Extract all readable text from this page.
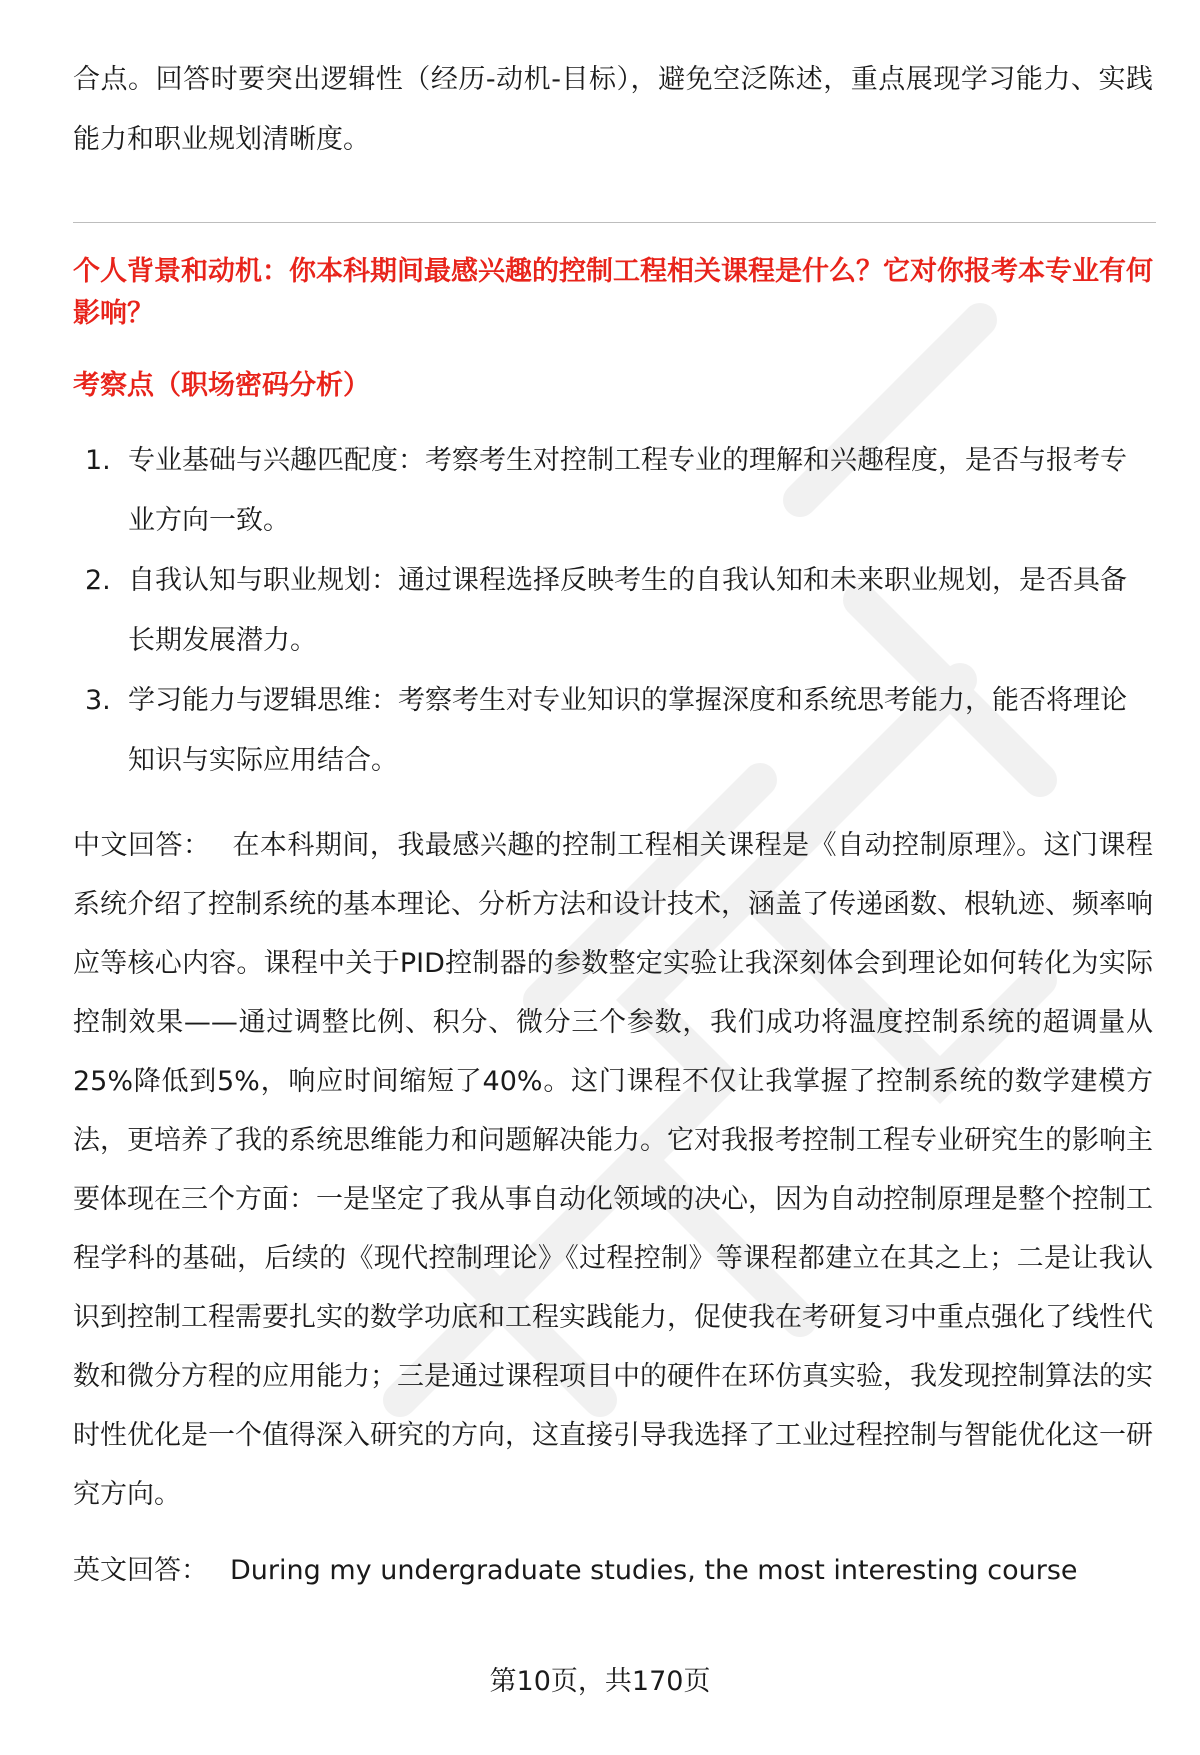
合点。回答时要突出逻辑性（经历-动机-目标），避免空泛陈述，重点展现学习能力、实践能力和职业规划清晰度。

个人背景和动机：你本科期间最感兴趣的控制工程相关课程是什么？它对你报考本专业有何影响？
考察点（职场密码分析）
1. 专业基础与兴趣匹配度：考察考生对控制工程专业的理解和兴趣程度，是否与报考专业方向一致。
2. 自我认知与职业规划：通过课程选择反映考生的自我认知和未来职业规划，是否具备长期发展潜力。
3. 学习能力与逻辑思维：考察考生对专业知识的掌握深度和系统思考能力，能否将理论知识与实际应用结合。

中文回答： 在本科期间，我最感兴趣的控制工程相关课程是《自动控制原理》。这门课程系统介绍了控制系统的基本理论、分析方法和设计技术，涵盖了传递函数、根轨迹、频率响应等核心内容。课程中关于PID控制器的参数整定实验让我深刻体会到理论如何转化为实际控制效果——通过调整比例、积分、微分三个参数，我们成功将温度控制系统的超调量从25%降低到5%，响应时间缩短了40%。这门课程不仅让我掌握了控制系统的数学建模方法，更培养了我的系统思维能力和问题解决能力。它对我报考控制工程专业研究生的影响主要体现在三个方面：一是坚定了我从事自动化领域的决心，因为自动控制原理是整个控制工程学科的基础，后续的《现代控制理论》《过程控制》等课程都建立在其之上；二是让我认识到控制工程需要扎实的数学功底和工程实践能力，促使我在考研复习中重点强化了线性代数和微分方程的应用能力；三是通过课程项目中的硬件在环仿真实验，我发现控制算法的实时性优化是一个值得深入研究的方向，这直接引导我选择了工业过程控制与智能优化这一研究方向。

英文回答： During my undergraduate studies, the most interesting course

第10页，共170页
